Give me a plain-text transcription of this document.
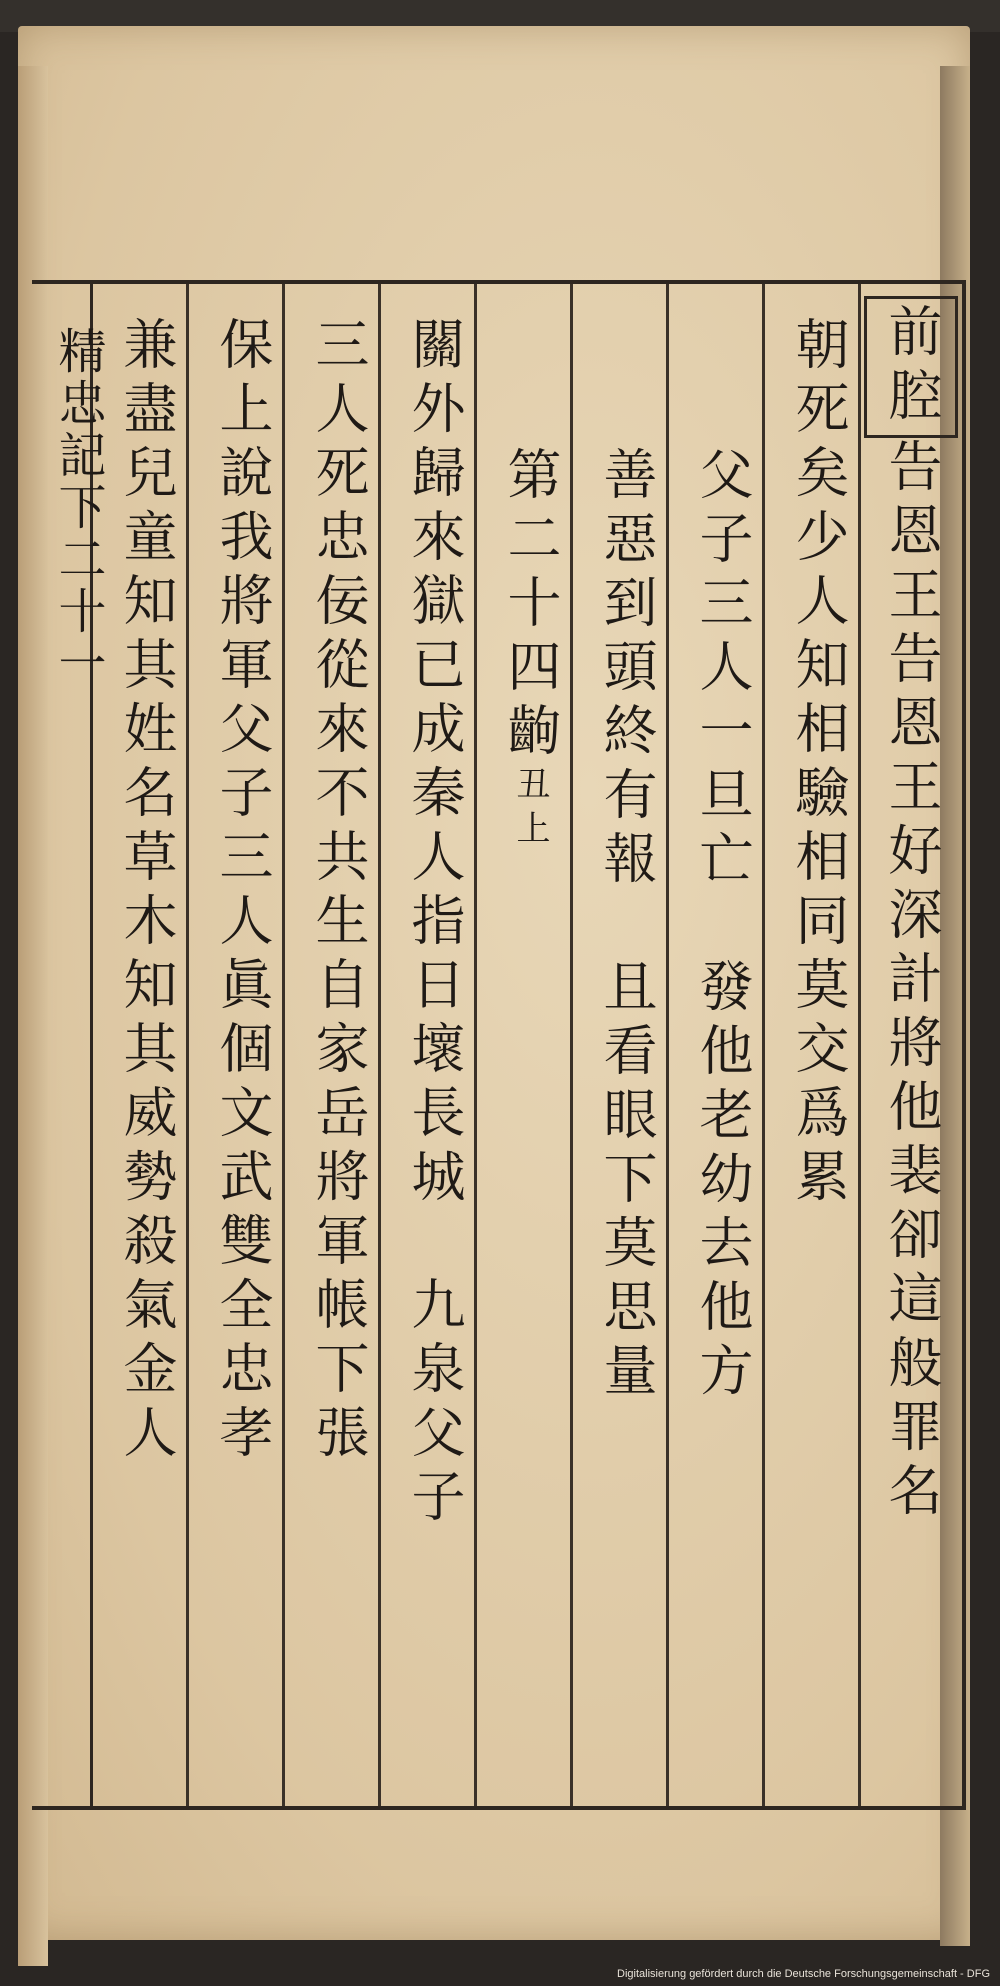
精忠記下二十一	前腔告恩王告恩王好深計將他裴卻這般罪名
朝死矣少人知相驗相同莫交爲累
父子三人一旦亡　發他老幼去他方
善惡到頭終有報　且看眼下莫思量
第二十四齣丑上
關外歸來獄已成秦人指日壞長城　九泉父子
三人死忠佞從來不共生自家岳將軍帳下張
保上說我將軍父子三人眞個文武雙全忠孝
兼盡兒童知其姓名草木知其威勢殺氣金人
Digitalisierung gefördert durch die Deutsche Forschungsgemeinschaft - DFG
